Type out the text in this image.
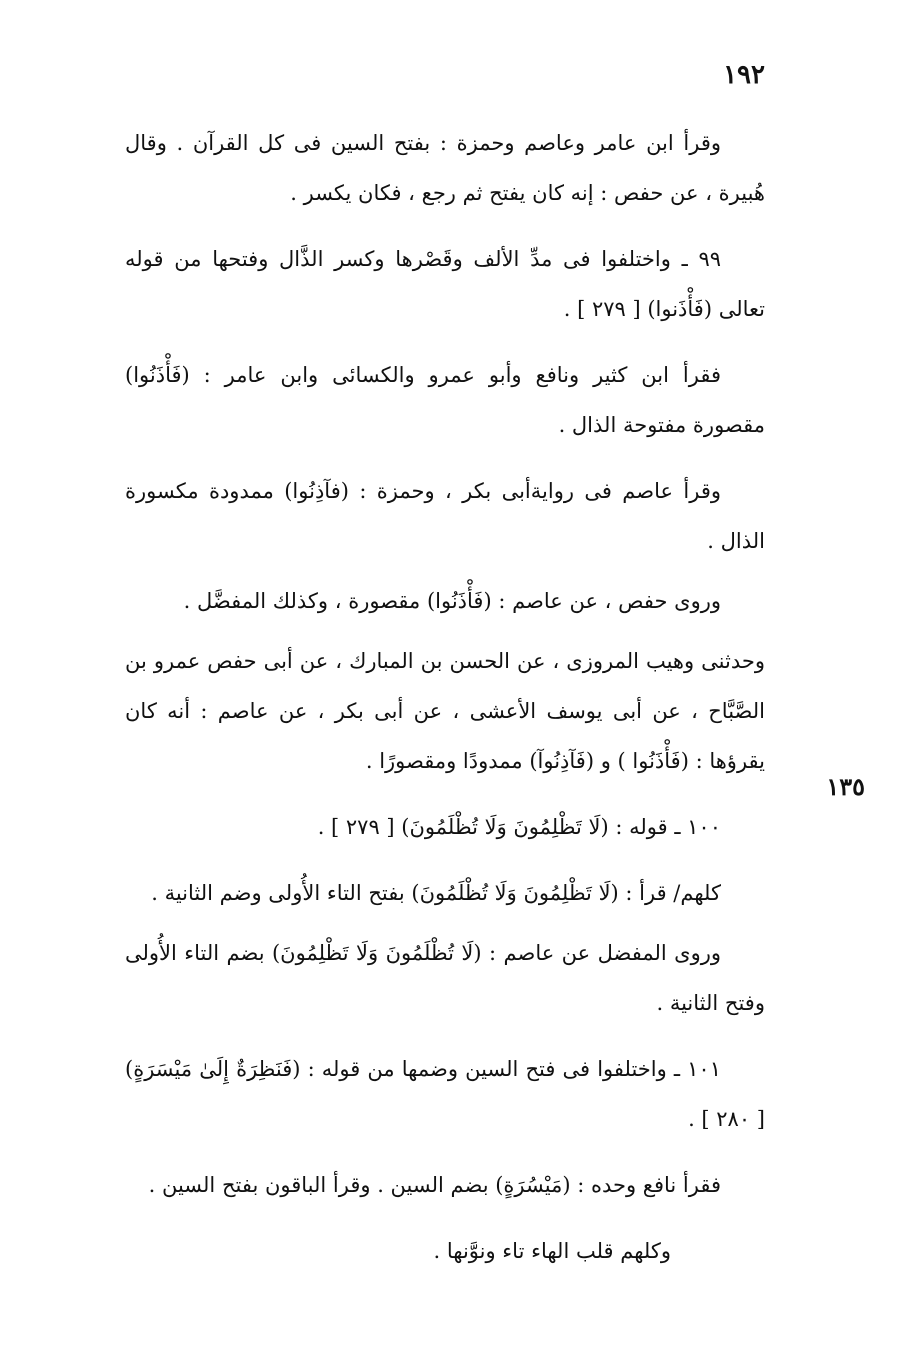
١٩٢
١٣٥

وقرأ ابن عامر وعاصم وحمزة : بفتح السين فى كل القرآن . وقال هُبيرة ، عن حفص : إنه كان يفتح ثم رجع ، فكان يكسر .

٩٩ ـ واختلفوا فى مدِّ الألف وقَصْرها وكسر الذَّال وفتحها من قوله تعالى (فَأْذَنوا) [ ٢٧٩ ] .

فقرأ ابن كثير ونافع وأبو عمرو والكسائى وابن عامر : (فَأْذَنُوا) مقصورة مفتوحة الذال .

وقرأ عاصم فى روايةأبى بكر ، وحمزة : (فآذِنُوا) ممدودة مكسورة الذال .

وروى حفص ، عن عاصم : (فَأْذَنُوا) مقصورة ، وكذلك المفضَّل .

وحدثنى وهيب المروزى ، عن الحسن بن المبارك ، عن أبى حفص عمرو بن الصَّبَّاح ، عن أبى يوسف الأعشى ، عن أبى بكر ، عن عاصم : أنه كان يقرؤها : (فَأْذَنُوا ) و (فَآذِنُوآ) ممدودًا ومقصورًا .

١٠٠ ـ قوله : (لَا تَظْلِمُونَ وَلَا تُظْلَمُونَ) [ ٢٧٩ ] .

كلهم/ قرأ : (لَا تَظْلِمُونَ وَلَا تُظْلَمُونَ) بفتح التاء الأُولى وضم الثانية .

وروى المفضل عن عاصم : (لَا تُظْلَمُونَ وَلَا تَظْلِمُونَ) بضم التاء الأُولى وفتح الثانية .

١٠١ ـ واختلفوا فى فتح السين وضمها من قوله : (فَنَظِرَةٌ إِلَىٰ مَيْسَرَةٍ) [ ٢٨٠ ] .

فقرأ نافع وحده : (مَيْسُرَةٍ) بضم السين . وقرأ الباقون بفتح السين .

وكلهم قلب الهاء تاء ونوَّنها .
